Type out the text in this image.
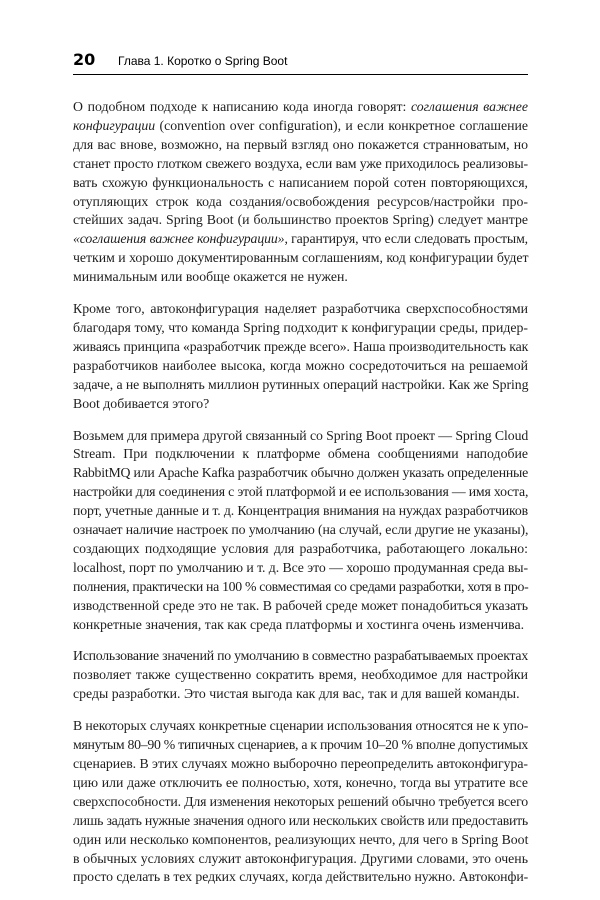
20 Глава 1. Коротко о Spring Boot

О подобном подходе к написанию кода иногда говорят: соглашения важнее
конфигурации (convention over configuration), и если конкретное соглашение
для вас внове, возможно, на первый взгляд оно покажется странноватым, но
станет просто глотком свежего воздуха, если вам уже приходилось реализовы-
вать схожую функциональность с написанием порой сотен повторяющихся,
отупляющих строк кода создания/освобождения ресурсов/настройки про-
стейших задач. Spring Boot (и большинство проектов Spring) следует мантре
«соглашения важнее конфигурации», гарантируя, что если следовать простым,
четким и хорошо документированным соглашениям, код конфигурации будет
минимальным или вообще окажется не нужен.

Кроме того, автоконфигурация наделяет разработчика сверхспособностями
благодаря тому, что команда Spring подходит к конфигурации среды, придер-
живаясь принципа «разработчик прежде всего». Наша производительность как
разработчиков наиболее высока, когда можно сосредоточиться на решаемой
задаче, а не выполнять миллион рутинных операций настройки. Как же Spring
Boot добивается этого?

Возьмем для примера другой связанный со Spring Boot проект — Spring Cloud
Stream. При подключении к платформе обмена сообщениями наподобие
RabbitMQ или Apache Kafka разработчик обычно должен указать определенные
настройки для соединения с этой платформой и ее использования — имя хоста,
порт, учетные данные и т. д. Концентрация внимания на нуждах разработчиков
означает наличие настроек по умолчанию (на случай, если другие не указаны),
создающих подходящие условия для разработчика, работающего локально:
localhost, порт по умолчанию и т. д. Все это — хорошо продуманная среда вы-
полнения, практически на 100 % совместимая со средами разработки, хотя в про-
изводственной среде это не так. В рабочей среде может понадобиться указать
конкретные значения, так как среда платформы и хостинга очень изменчива.

Использование значений по умолчанию в совместно разрабатываемых проектах
позволяет также существенно сократить время, необходимое для настройки
среды разработки. Это чистая выгода как для вас, так и для вашей команды.

В некоторых случаях конкретные сценарии использования относятся не к упо-
мянутым 80–90 % типичных сценариев, а к прочим 10–20 % вполне допустимых
сценариев. В этих случаях можно выборочно переопределить автоконфигура-
цию или даже отключить ее полностью, хотя, конечно, тогда вы утратите все
сверхспособности. Для изменения некоторых решений обычно требуется всего
лишь задать нужные значения одного или нескольких свойств или предоставить
один или несколько компонентов, реализующих нечто, для чего в Spring Boot
в обычных условиях служит автоконфигурация. Другими словами, это очень
просто сделать в тех редких случаях, когда действительно нужно. Автоконфи-
